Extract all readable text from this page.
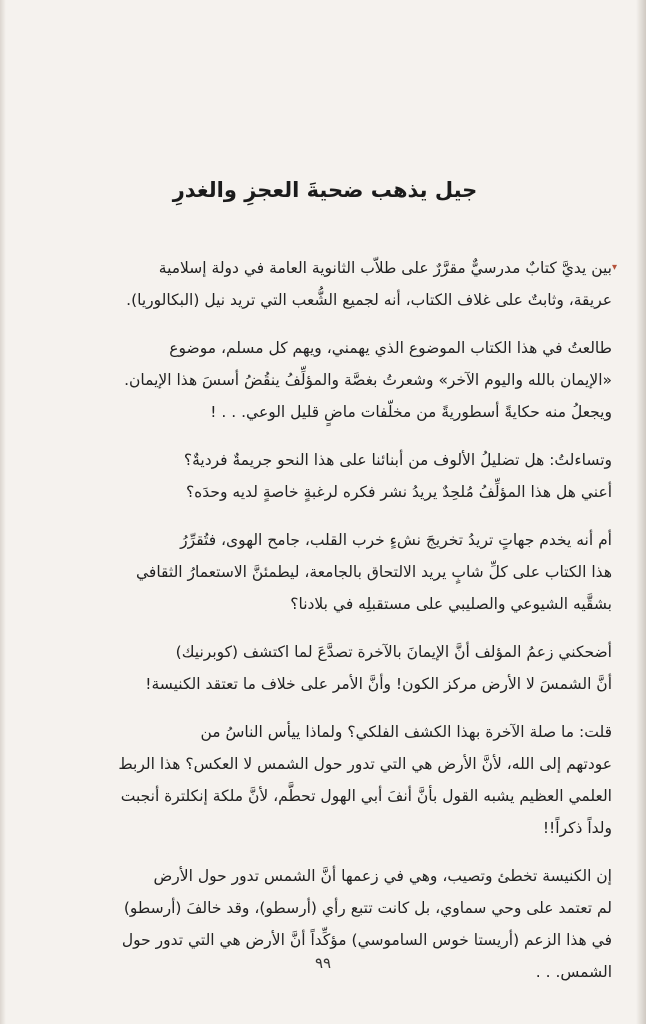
جيل يذهب ضحيةَ العجزِ والغدرِ
▾

بين يديَّ كتابٌ مدرسيٌّ مقرَّرٌ على طلاّب الثانوية العامة في دولة إسلامية

عريقة، وثابتٌ على غلاف الكتاب، أنه لجميع الشُّعب التي تريد نيل (البكالوريا).

طالعتُ في هذا الكتاب الموضوع الذي يهمني، ويهم كل مسلم، موضوع

«الإيمان بالله واليوم الآخر» وشعرتُ بغصَّة والمؤلِّفُ ينقُضُ أسسَ هذا الإيمان.

ويجعلُ منه حكايةً أسطوريةً من مخلّفات ماضٍ قليل الوعي. . . !

وتساءلتُ: هل تضليلُ الألوف من أبنائنا على هذا النحو جريمةٌ فرديةٌ؟

أعني هل هذا المؤلِّفُ مُلحِدٌ يريدُ نشر فكره لرغبةٍ خاصةٍ لديه وحدَه؟

أم أنه يخدم جهاتٍ تريدُ تخريجَ نشءٍ خرب القلب، جامح الهوى، فتُقرِّرُ

هذا الكتاب على كلِّ شابٍ يريد الالتحاق بالجامعة، ليطمئنَّ الاستعمارُ الثقافي

بشقَّيه الشيوعي والصليبي على مستقبلِه في بلادنا؟

أضحكني زعمُ المؤلف أنَّ الإيمانَ بالآخرة تصدَّعَ لما اكتشف (كوبرنيك)

أنَّ الشمسَ لا الأرض مركز الكون! وأنَّ الأمر على خلاف ما تعتقد الكنيسة!

قلت: ما صلة الآخرة بهذا الكشف الفلكي؟ ولماذا ييأس الناسُ من

عودتهم إلى الله، لأنَّ الأرض هي التي تدور حول الشمس لا العكس؟ هذا الربط

العلمي العظيم يشبه القول بأنَّ أنفَ أبي الهول تحطَّم، لأنَّ ملكة إنكلترة أنجبت

ولداً ذكراً!!

إن الكنيسة تخطئ وتصيب، وهي في زعمها أنَّ الشمس تدور حول الأرض

لم تعتمد على وحي سماوي، بل كانت تتبع رأي (أرسطو)، وقد خالفَ (أرسطو)

في هذا الزعم (أريستا خوس الساموسي) مؤكِّداً أنَّ الأرض هي التي تدور حول

الشمس. . .

٩٩
